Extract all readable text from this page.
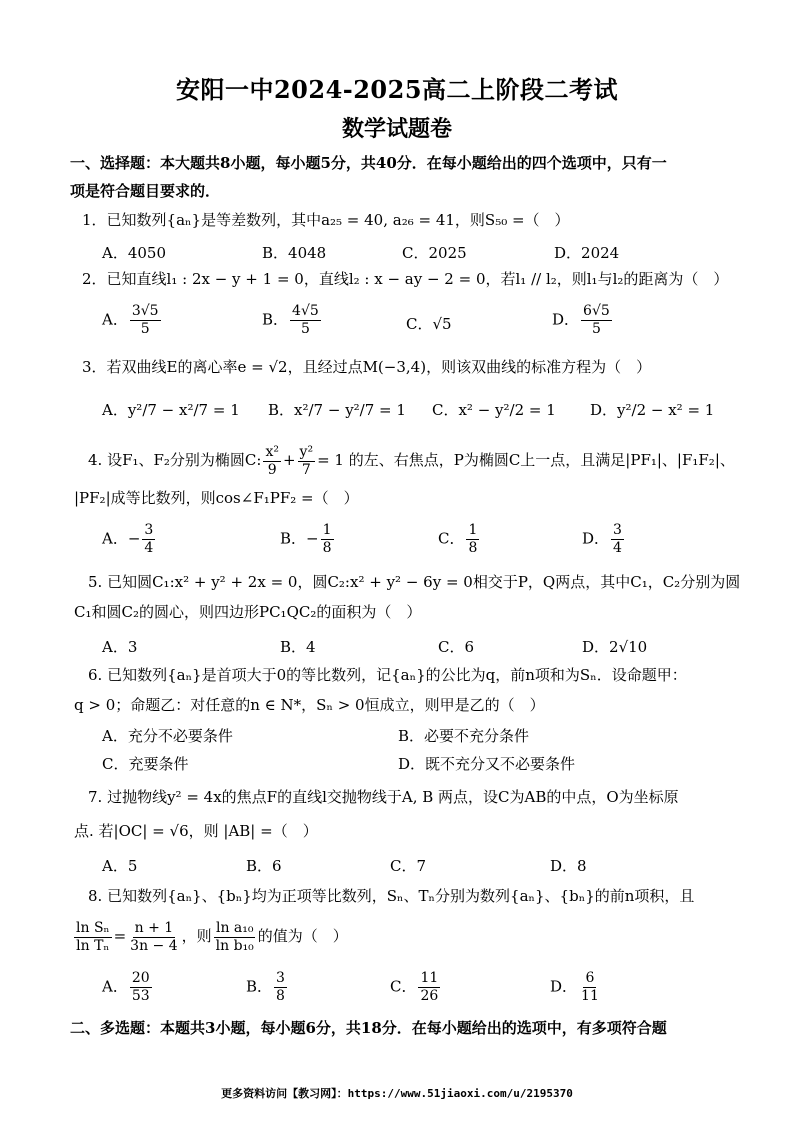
安阳一中2024-2025高二上阶段二考试
数学试题卷
一、选择题：本大题共8小题，每小题5分，共40分．在每小题给出的四个选项中，只有一
项是符合题目要求的．
1．已知数列{aₙ}是等差数列，其中a₂₅ = 40, a₂₆ = 41，则S₅₀ =（　）
A．4050	B．4048	C．2025	D．2024
2．已知直线l₁ : 2x − y + 1 = 0，直线l₂ : x − ay − 2 = 0，若l₁ // l₂，则l₁与l₂的距离为（　）
A． $\frac{3√5}{5}$	B． $\frac{4√5}{5}$	C．√5	D． $\frac{6√5}{5}$
3．若双曲线E的离心率e = √2，且经过点M(−3,4)，则该双曲线的标准方程为（　）
A．y²/7 − x²/7 = 1 B．x²/7 − y²/7 = 1 C．x² − y²/2 = 1 D．y²/2 − x² = 1
4. 设F₁、F₂分别为椭圆C: $\frac{\text{x²}}{9} + \frac{\text{y²}}{7} = 1$ 的左、右焦点，P为椭圆C上一点，且满足|PF₁|、|F₁F₂|、
|PF₂|成等比数列，则cos∠F₁PF₂ =（　）
A．− $\frac{3}{4}$	B．− $\frac{1}{8}$	C． $\frac{1}{8}$	D． $\frac{3}{4}$
5. 已知圆C₁:x² + y² + 2x = 0，圆C₂:x² + y² − 6y = 0相交于P，Q两点，其中C₁，C₂分别为圆
C₁和圆C₂的圆心，则四边形PC₁QC₂的面积为（　）
A．3	B．4	C．6	D．2√10
6. 已知数列{aₙ}是首项大于0的等比数列，记{aₙ}的公比为q，前n项和为Sₙ．设命题甲：
q > 0；命题乙：对任意的n ∈ N*，Sₙ > 0恒成立，则甲是乙的（　）
A．充分不必要条件	B．必要不充分条件
C．充要条件	D．既不充分又不必要条件
7. 过抛物线y² = 4x的焦点F的直线l交抛物线于A, B 两点，设C为AB的中点，O为坐标原
点. 若|OC| = √6，则 |AB| =（　）
A．5	B．6	C．7	D．8
8. 已知数列{aₙ}、{bₙ}均为正项等比数列，Sₙ、Tₙ分别为数列{aₙ}、{bₙ}的前n项积，且
$\frac{\text{ln Sₙ}}{\text{ln Tₙ}} = \frac{n + 1}{3n - 4}$ ，则 $\frac{\text{ln a₁₀}}{\text{ln b₁₀}}$ 的值为（　）
A． $\frac{20}{53}$	B． $\frac{3}{8}$	C． $\frac{11}{26}$	D． $\frac{6}{11}$
二、多选题：本题共3小题，每小题6分，共18分．在每小题给出的选项中，有多项符合题
更多资料访问【教习网】：https://www.51jiaoxi.com/u/2195370
